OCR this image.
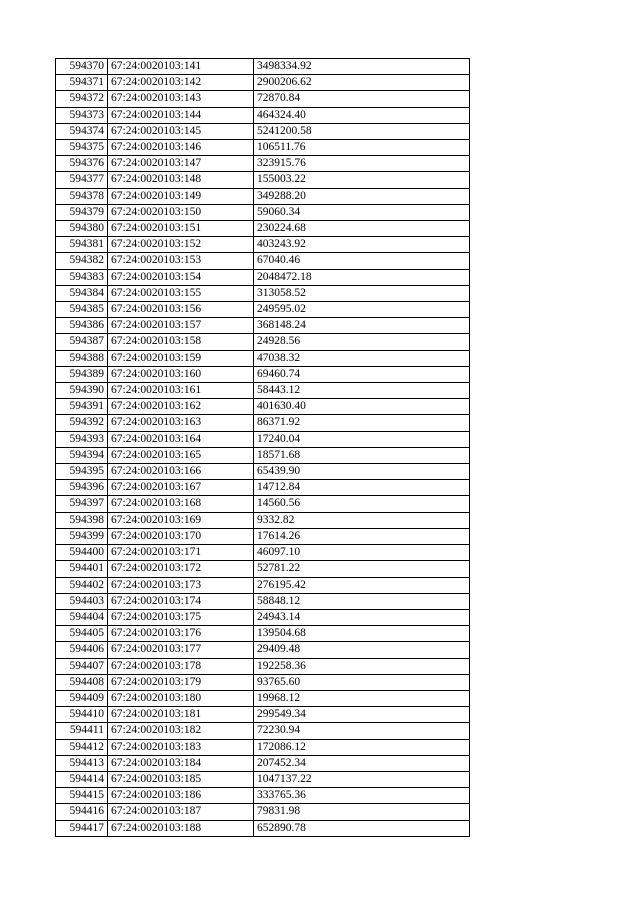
594370	67:24:0020103:141	3498334.92
594371	67:24:0020103:142	2900206.62
594372	67:24:0020103:143	72870.84
594373	67:24:0020103:144	464324.40
594374	67:24:0020103:145	5241200.58
594375	67:24:0020103:146	106511.76
594376	67:24:0020103:147	323915.76
594377	67:24:0020103:148	155003.22
594378	67:24:0020103:149	349288.20
594379	67:24:0020103:150	59060.34
594380	67:24:0020103:151	230224.68
594381	67:24:0020103:152	403243.92
594382	67:24:0020103:153	67040.46
594383	67:24:0020103:154	2048472.18
594384	67:24:0020103:155	313058.52
594385	67:24:0020103:156	249595.02
594386	67:24:0020103:157	368148.24
594387	67:24:0020103:158	24928.56
594388	67:24:0020103:159	47038.32
594389	67:24:0020103:160	69460.74
594390	67:24:0020103:161	58443.12
594391	67:24:0020103:162	401630.40
594392	67:24:0020103:163	86371.92
594393	67:24:0020103:164	17240.04
594394	67:24:0020103:165	18571.68
594395	67:24:0020103:166	65439.90
594396	67:24:0020103:167	14712.84
594397	67:24:0020103:168	14560.56
594398	67:24:0020103:169	9332.82
594399	67:24:0020103:170	17614.26
594400	67:24:0020103:171	46097.10
594401	67:24:0020103:172	52781.22
594402	67:24:0020103:173	276195.42
594403	67:24:0020103:174	58848.12
594404	67:24:0020103:175	24943.14
594405	67:24:0020103:176	139504.68
594406	67:24:0020103:177	29409.48
594407	67:24:0020103:178	192258.36
594408	67:24:0020103:179	93765.60
594409	67:24:0020103:180	19968.12
594410	67:24:0020103:181	299549.34
594411	67:24:0020103:182	72230.94
594412	67:24:0020103:183	172086.12
594413	67:24:0020103:184	207452.34
594414	67:24:0020103:185	1047137.22
594415	67:24:0020103:186	333765.36
594416	67:24:0020103:187	79831.98
594417	67:24:0020103:188	652890.78
